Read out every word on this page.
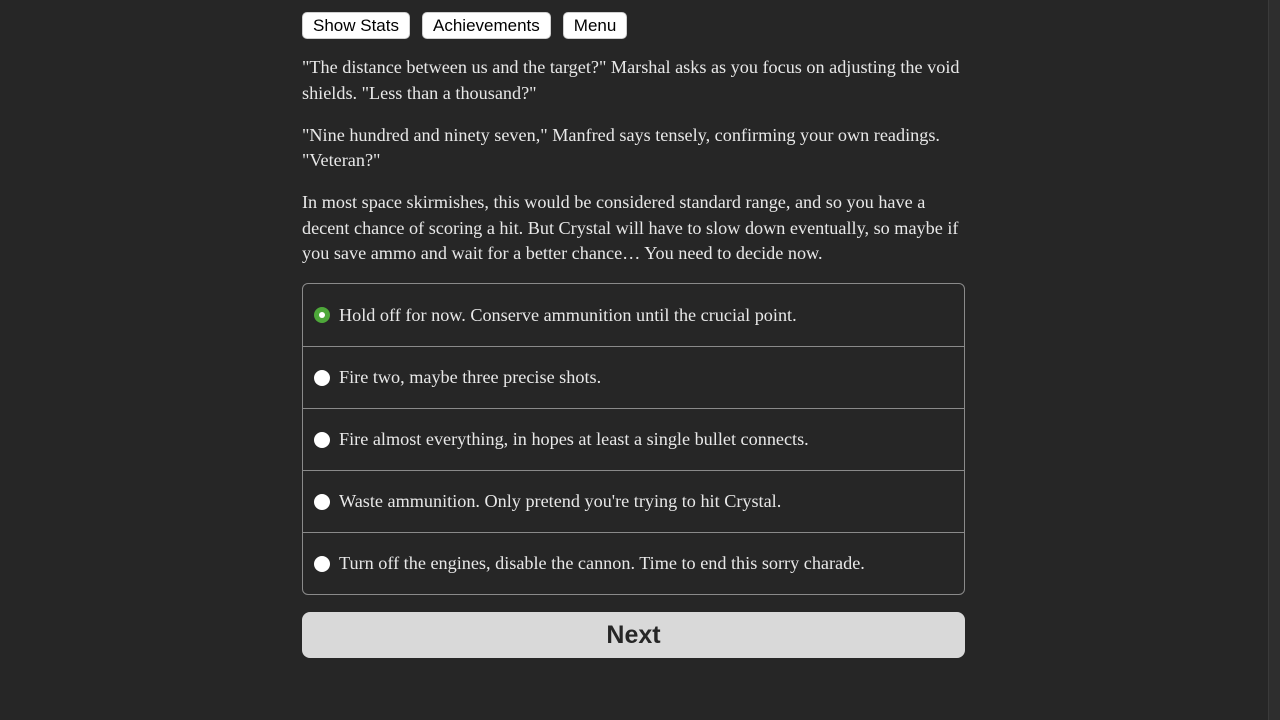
Show Stats	Achievements	Menu

"The distance between us and the target?" Marshal asks as you focus on adjusting the void shields. "Less than a thousand?"

"Nine hundred and ninety seven," Manfred says tensely, confirming your own readings. "Veteran?"

In most space skirmishes, this would be considered standard range, and so you have a decent chance of scoring a hit. But Crystal will have to slow down eventually, so maybe if you save ammo and wait for a better chance… You need to decide now.

Hold off for now. Conserve ammunition until the crucial point.
Fire two, maybe three precise shots.
Fire almost everything, in hopes at least a single bullet connects.
Waste ammunition. Only pretend you're trying to hit Crystal.
Turn off the engines, disable the cannon. Time to end this sorry charade.
Next
